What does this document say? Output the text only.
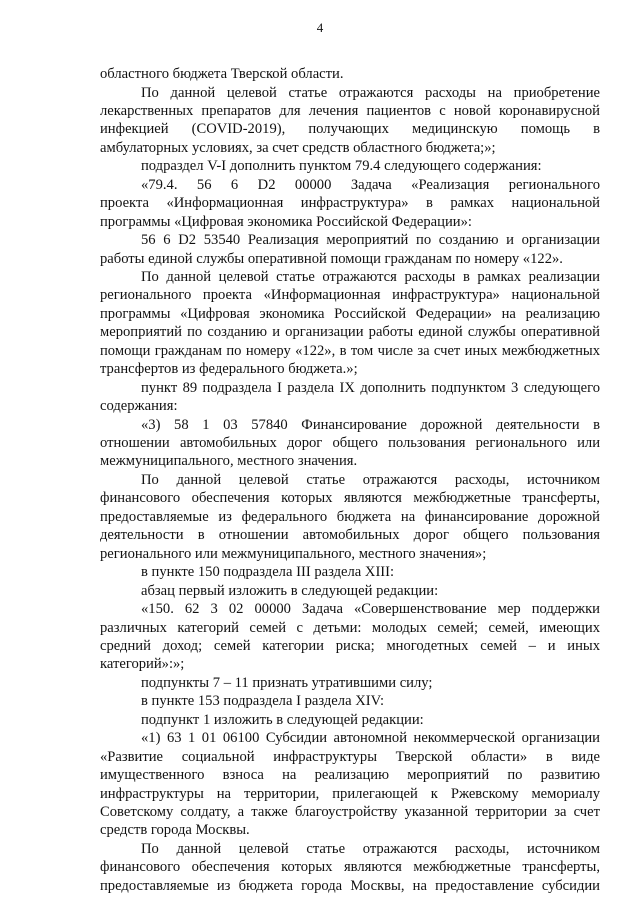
4
областного бюджета Тверской области.
По данной целевой статье отражаются расходы на приобретение
лекарственных препаратов для лечения пациентов с новой коронавирусной
инфекцией (COVID-2019), получающих медицинскую помощь в
амбулаторных условиях, за счет средств областного бюджета;»;
подраздел V-I дополнить пунктом 79.4 следующего содержания:
«79.4. 56 6 D2 00000 Задача «Реализация регионального
проекта «Информационная инфраструктура» в рамках национальной
программы «Цифровая экономика Российской Федерации»:
56 6 D2 53540 Реализация мероприятий по созданию и организации
работы единой службы оперативной помощи гражданам по номеру «122».
По данной целевой статье отражаются расходы в рамках реализации
регионального проекта «Информационная инфраструктура» национальной
программы «Цифровая экономика Российской Федерации» на реализацию
мероприятий по созданию и организации работы единой службы оперативной
помощи гражданам по номеру «122», в том числе за счет иных межбюджетных
трансфертов из федерального бюджета.»;
пункт 89 подраздела I раздела IX дополнить подпунктом 3 следующего
содержания:
«3) 58 1 03 57840 Финансирование дорожной деятельности в
отношении автомобильных дорог общего пользования регионального или
межмуниципального, местного значения.
По данной целевой статье отражаются расходы, источником
финансового обеспечения которых являются межбюджетные трансферты,
предоставляемые из федерального бюджета на финансирование дорожной
деятельности в отношении автомобильных дорог общего пользования
регионального или межмуниципального, местного значения»;
в пункте 150 подраздела III раздела XIII:
абзац первый изложить в следующей редакции:
«150. 62 3 02 00000 Задача «Совершенствование мер поддержки
различных категорий семей с детьми: молодых семей; семей, имеющих
средний доход; семей категории риска; многодетных семей – и иных
категорий»:»;
подпункты 7 – 11 признать утратившими силу;
в пункте 153 подраздела I раздела XIV:
подпункт 1 изложить в следующей редакции:
«1) 63 1 01 06100 Субсидии автономной некоммерческой организации
«Развитие социальной инфраструктуры Тверской области» в виде
имущественного взноса на реализацию мероприятий по развитию
инфраструктуры на территории, прилегающей к Ржевскому мемориалу
Советскому солдату, а также благоустройству указанной территории за счет
средств города Москвы.
По данной целевой статье отражаются расходы, источником
финансового обеспечения которых являются межбюджетные трансферты,
предоставляемые из бюджета города Москвы, на предоставление субсидии
